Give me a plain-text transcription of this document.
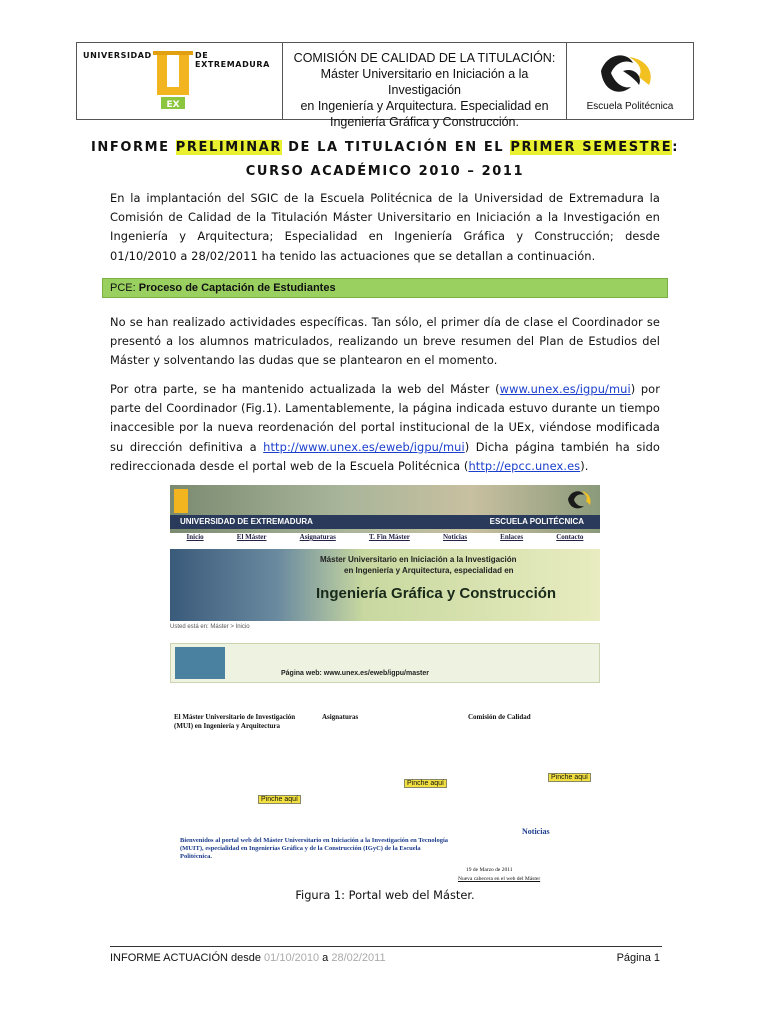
UNIVERSIDAD	DE EXTREMADURA
EX
COMISIÓN DE CALIDAD DE LA TITULACIÓN:
Máster Universitario en Iniciación a la Investigación
en Ingeniería y Arquitectura. Especialidad en
Ingeniería Gráfica y Construcción.
Escuela Politécnica
INFORME PRELIMINAR DE LA TITULACIÓN EN EL PRIMER SEMESTRE:
CURSO ACADÉMICO 2010 – 2011
En la implantación del SGIC de la Escuela Politécnica de la Universidad de Extremadura la Comisión de Calidad de la Titulación Máster Universitario en Iniciación a la Investigación en Ingeniería y Arquitectura; Especialidad en Ingeniería Gráfica y Construcción; desde 01/10/2010 a 28/02/2011 ha tenido las actuaciones que se detallan a continuación.
PCE: Proceso de Captación de Estudiantes
No se han realizado actividades específicas. Tan sólo, el primer día de clase el Coordinador se presentó a los alumnos matriculados, realizando un breve resumen del Plan de Estudios del Máster y solventando las dudas que se plantearon en el momento.
Por otra parte, se ha mantenido actualizada la web del Máster (www.unex.es/igpu/mui) por parte del Coordinador (Fig.1). Lamentablemente, la página indicada estuvo durante un tiempo inaccesible por la nueva reordenación del portal institucional de la UEx, viéndose modificada su dirección definitiva a http://www.unex.es/eweb/igpu/mui) Dicha página también ha sido redireccionada desde el portal web de la Escuela Politécnica (http://epcc.unex.es).
UNIVERSIDAD DE EXTREMADURA	ESCUELA POLITÉCNICA
Inicio	El Máster	Asignaturas	T. Fin Máster	Noticias	Enlaces	Contacto
Máster Universitario en Iniciación a la Investigación
en Ingeniería y Arquitectura, especialidad en
Ingeniería Gráfica y Construcción
Usted está en: Máster > Inicio
Página web: www.unex.es/eweb/igpu/master
El Máster Universitario de Investigación (MUI) en Ingeniería y Arquitectura
Asignaturas	Comisión de Calidad
Pinche aquí
Pinche aquí
Pinche aquí
Bienvenidos al portal web del Máster Universitario en Iniciación a la Investigación en Tecnología (MUIT), especialidad en Ingenierías Gráfica y de la Construcción (IGyC) de la Escuela Politécnica.
Noticias
19 de Marzo de 2011
Nueva cabecera en el web del Máster
Figura 1: Portal web del Máster.
INFORME ACTUACIÓN desde 01/10/2010 a 28/02/2011	Página 1
